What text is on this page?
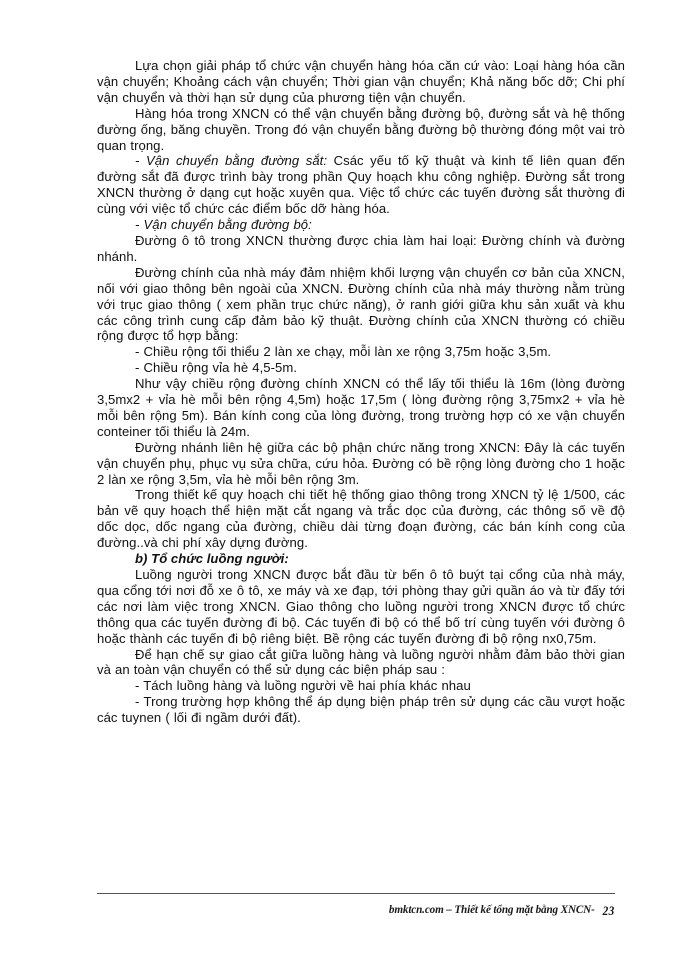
Lựa chọn giải pháp tổ chức vận chuyển hàng hóa căn cứ vào: Loại hàng hóa cần vận chuyển; Khoảng cách vận chuyển; Thời gian vận chuyển; Khả năng bốc dỡ; Chi phí vận chuyển và thời hạn sử dụng của phương tiện vận chuyển.

Hàng hóa trong XNCN có thể vận chuyển bằng đường bộ, đường sắt và hệ thống đường ống, băng chuyền. Trong đó vận chuyển bằng đường bộ thường đóng một vai trò quan trọng.

- Vận chuyển bằng đường sắt: Csác yếu tố kỹ thuật và kinh tế liên quan đến đường sắt đã được trình bày trong phần Quy hoạch khu công nghiệp. Đường sắt trong XNCN thường ở dạng cụt hoặc xuyên qua. Việc tổ chức các tuyến đường sắt thường đi cùng với việc tổ chức các điểm bốc dỡ hàng hóa.

- Vận chuyển bằng đường bộ:

Đường ô tô trong XNCN thường được chia làm hai loại: Đường chính và đường nhánh.

Đường chính của nhà máy đảm nhiệm khối lượng vận chuyển cơ bản của XNCN, nối với giao thông bên ngoài của XNCN. Đường chính của nhà máy thường nằm trùng với trục giao thông ( xem phần trục chức năng), ở ranh giới giữa khu sản xuất và khu các công trình cung cấp đảm bảo kỹ thuật. Đường chính của XNCN thường có chiều rộng được tổ hợp bằng:

- Chiều rộng tối thiểu 2 làn xe chạy, mỗi làn xe rộng 3,75m hoặc 3,5m.

- Chiều rộng vỉa hè 4,5-5m.

Như vậy chiều rộng đường chính XNCN có thể lấy tối thiểu là 16m (lòng đường 3,5mx2 + vỉa hè mỗi bên rộng 4,5m) hoặc 17,5m ( lòng đường rộng 3,75mx2 + vỉa hè mỗi bên rộng 5m). Bán kính cong của lòng đường, trong trường hợp có xe vận chuyển conteiner tối thiểu là 24m.

Đường nhánh liên hệ giữa các bộ phận chức năng trong XNCN: Đây là các tuyến vận chuyển phụ, phục vụ sửa chữa, cứu hỏa. Đường có bề rộng lòng đường cho 1 hoặc 2 làn xe rộng 3,5m, vỉa hè mỗi bên rộng 3m.

Trong thiết kế quy hoạch chi tiết hệ thống giao thông trong XNCN tỷ lệ 1/500, các bản vẽ quy hoạch thể hiện mặt cắt ngang và trắc dọc của đường, các thông số về độ dốc dọc, dốc ngang của đường, chiều dài từng đoạn đường, các bán kính cong của đường..và chi phí xây dựng đường.

b) Tổ chức luồng người:

Luồng người trong XNCN được bắt đầu từ bến ô tô buýt tại cổng của nhà máy, qua cổng tới nơi đỗ xe ô tô, xe máy và xe đạp, tới phòng thay gửi quần áo và từ đấy tới các nơi làm việc trong XNCN. Giao thông cho luồng người trong XNCN được tổ chức thông qua các tuyến đường đi bộ. Các tuyến đi bộ có thể bố trí cùng tuyến với đường ô hoặc thành các tuyến đi bộ riêng biệt. Bề rộng các tuyến đường đi bộ rộng nx0,75m.

Để hạn chế sự giao cắt giữa luồng hàng và luồng người nhằm đảm bảo thời gian và an toàn vận chuyển có thể sử dụng các biện pháp sau :

- Tách luồng hàng và luồng người về hai phía khác nhau

- Trong trường hợp không thể áp dụng biện pháp trên sử dụng các cầu vượt hoặc các tuynen ( lối đi ngầm dưới đất).

bmktcn.com – Thiết kế tổng mặt bằng XNCN- 23
